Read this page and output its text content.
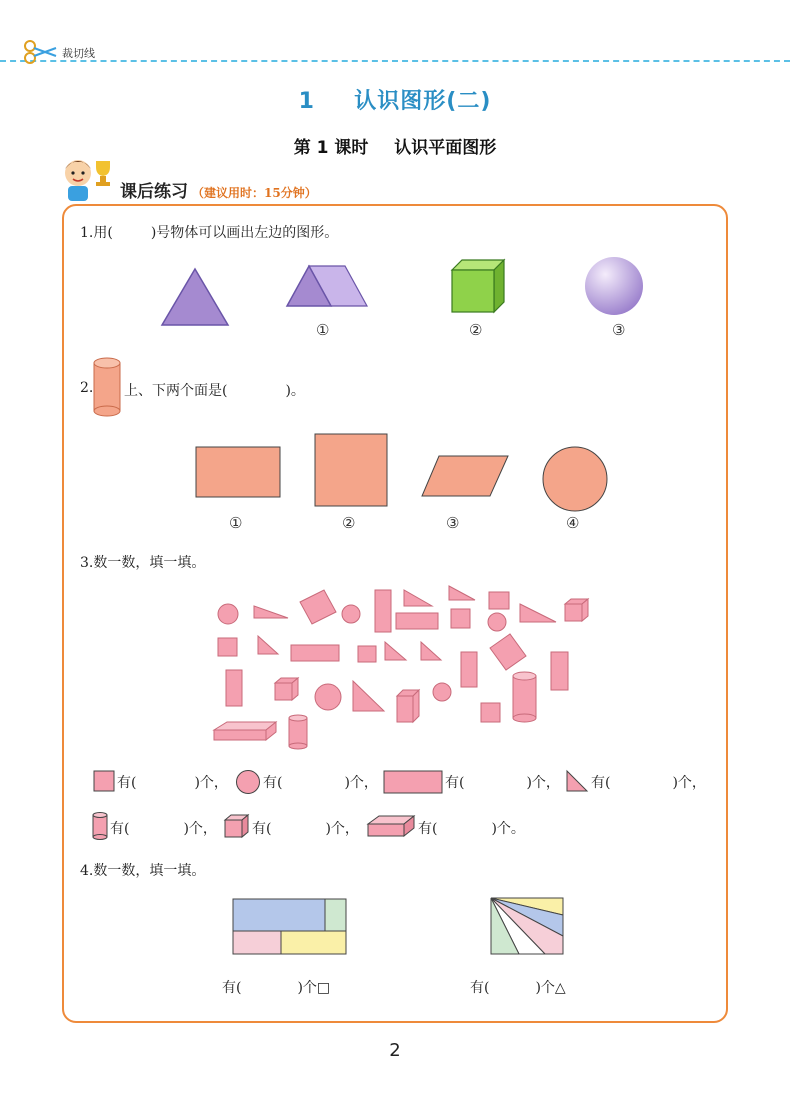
裁切线
1 认识图形(二)
第 1 课时 认识平面图形
课后练习 （建议用时：15分钟）
1.用(	)号物体可以画出左边的图形。
①	②	③
2. 上、下两个面是(	)。
①	②	③	④
3.数一数，填一填。
有(	)个，	有(	)个，	有(	)个， 有(	)个，
有(	)个，	有(	)个，	有(	)个。
4.数一数，填一填。
有(	)个□	有(	)个△
2
